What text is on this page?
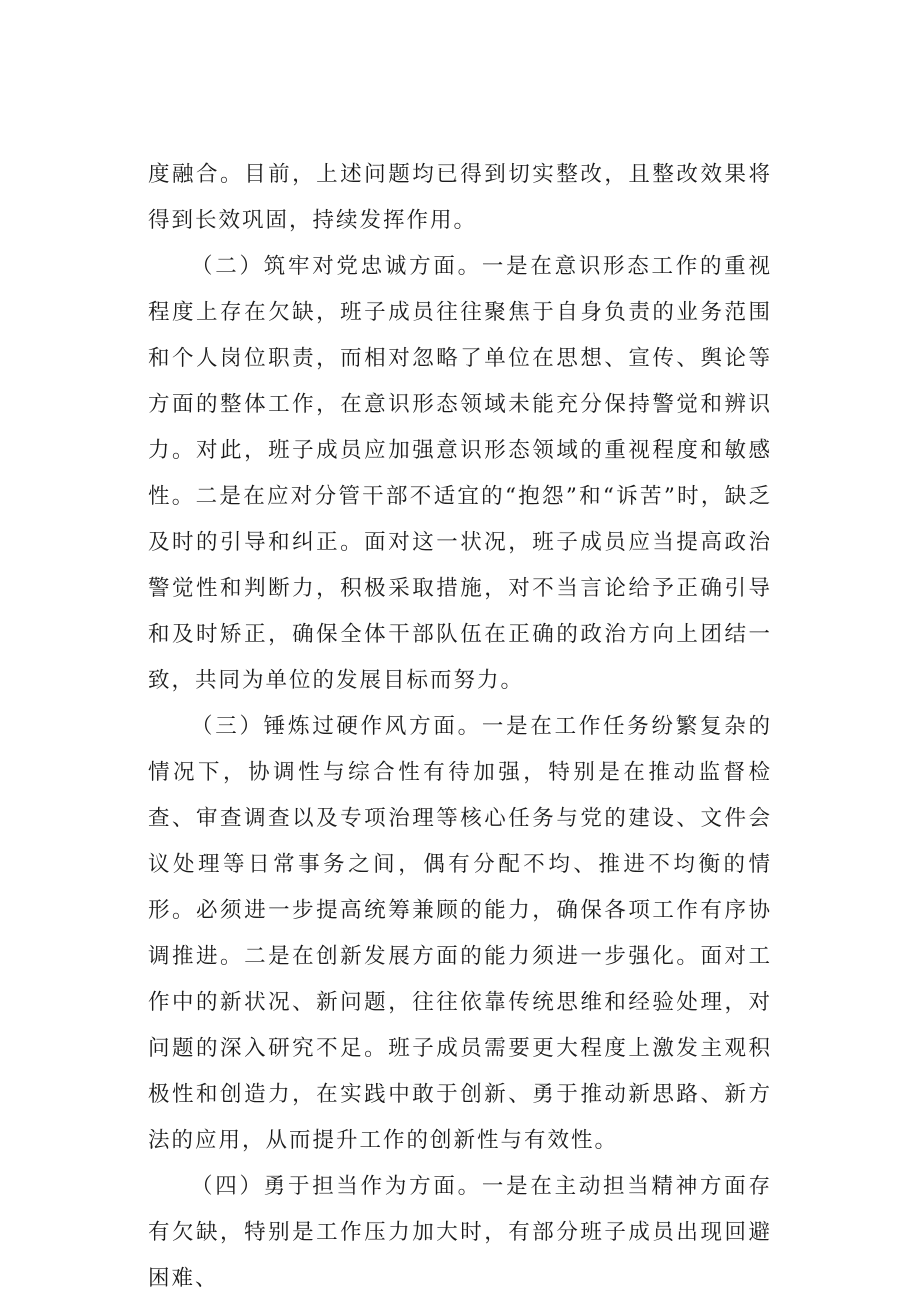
度融合。目前，上述问题均已得到切实整改，且整改效果将得到长效巩固，持续发挥作用。

（二）筑牢对党忠诚方面。一是在意识形态工作的重视程度上存在欠缺，班子成员往往聚焦于自身负责的业务范围和个人岗位职责，而相对忽略了单位在思想、宣传、舆论等方面的整体工作，在意识形态领域未能充分保持警觉和辨识力。对此，班子成员应加强意识形态领域的重视程度和敏感性。二是在应对分管干部不适宜的“抱怨”和“诉苦”时，缺乏及时的引导和纠正。面对这一状况，班子成员应当提高政治警觉性和判断力，积极采取措施，对不当言论给予正确引导和及时矫正，确保全体干部队伍在正确的政治方向上团结一致，共同为单位的发展目标而努力。

（三）锤炼过硬作风方面。一是在工作任务纷繁复杂的情况下，协调性与综合性有待加强，特别是在推动监督检查、审查调查以及专项治理等核心任务与党的建设、文件会议处理等日常事务之间，偶有分配不均、推进不均衡的情形。必须进一步提高统筹兼顾的能力，确保各项工作有序协调推进。二是在创新发展方面的能力须进一步强化。面对工作中的新状况、新问题，往往依靠传统思维和经验处理，对问题的深入研究不足。班子成员需要更大程度上激发主观积极性和创造力，在实践中敢于创新、勇于推动新思路、新方法的应用，从而提升工作的创新性与有效性。

（四）勇于担当作为方面。一是在主动担当精神方面存有欠缺，特别是工作压力加大时，有部分班子成员出现回避困难、
